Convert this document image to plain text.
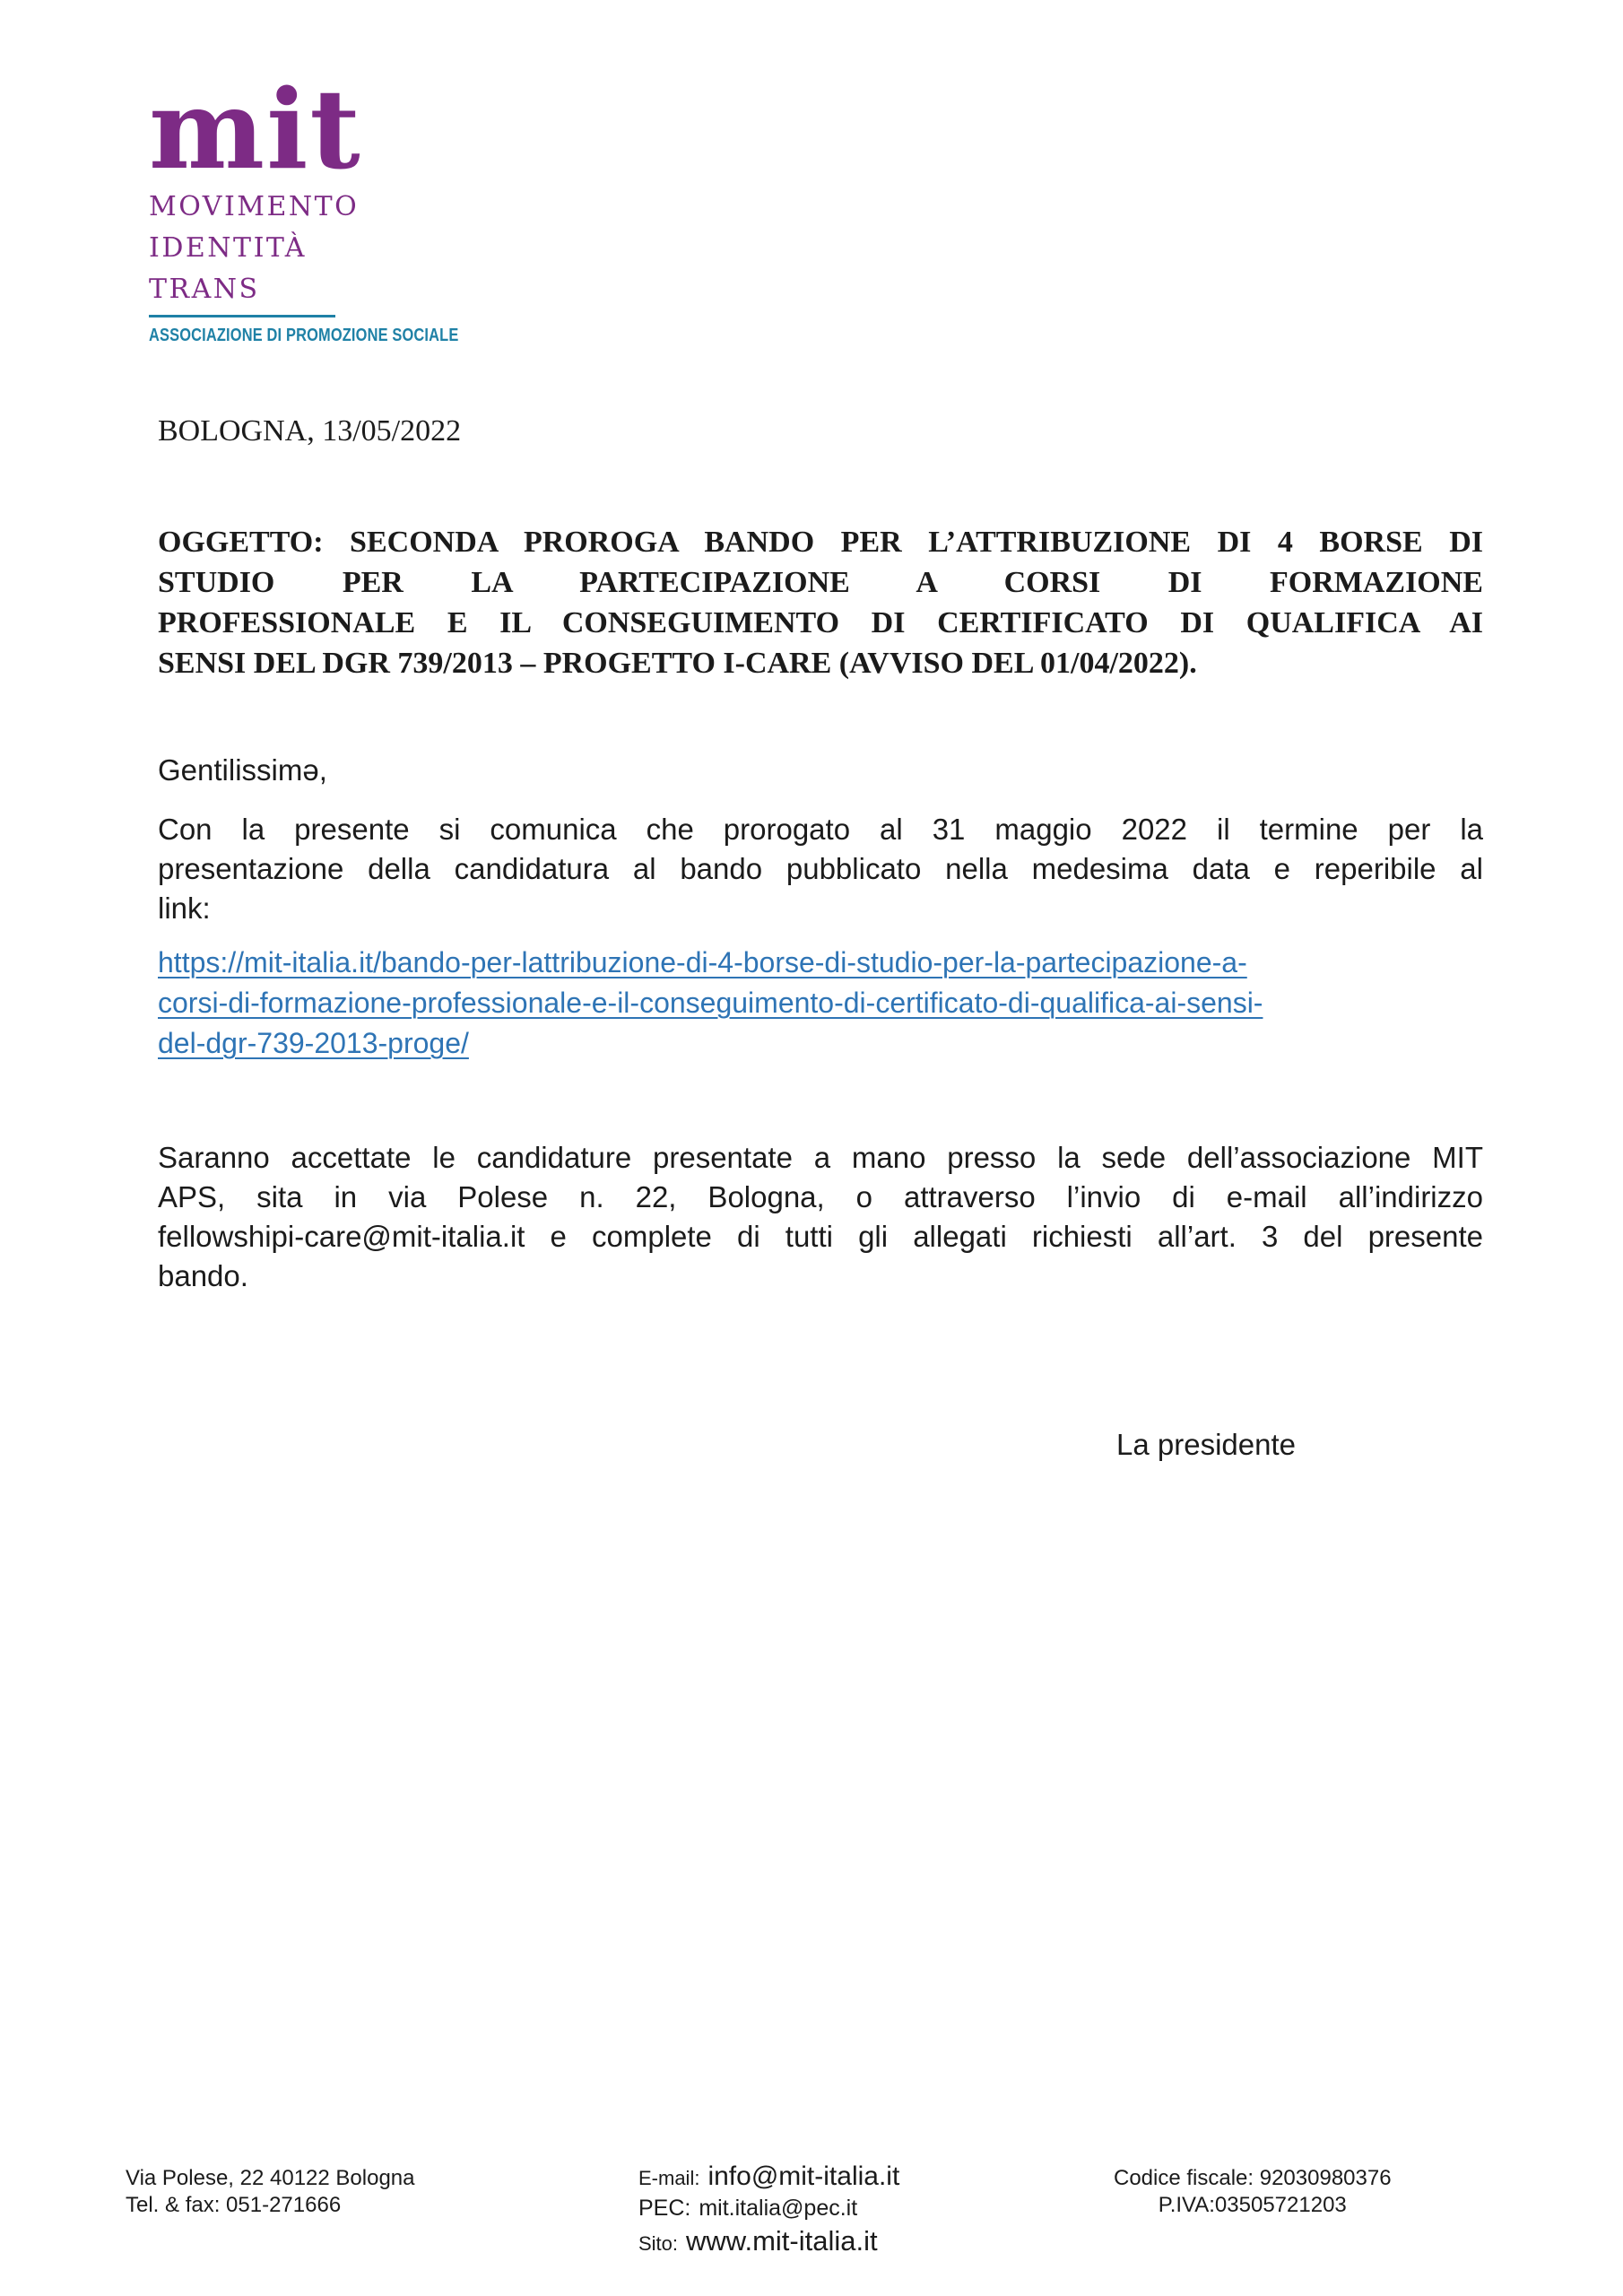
mit
MOVIMENTO
IDENTITÀ
TRANS
ASSOCIAZIONE DI PROMOZIONE SOCIALE
BOLOGNA, 13/05/2022
OGGETTO: SECONDA PROROGA BANDO PER L’ATTRIBUZIONE DI 4 BORSE DI
STUDIO PER LA PARTECIPAZIONE A CORSI DI FORMAZIONE
PROFESSIONALE E IL CONSEGUIMENTO DI CERTIFICATO DI QUALIFICA AI
SENSI DEL DGR 739/2013 – PROGETTO I-CARE (AVVISO DEL 01/04/2022).
Gentilissimə,
Con la presente si comunica che prorogato al 31 maggio 2022 il termine per la
presentazione della candidatura al bando pubblicato nella medesima data e reperibile al
link:
https://mit-italia.it/bando-per-lattribuzione-di-4-borse-di-studio-per-la-partecipazione-a-
corsi-di-formazione-professionale-e-il-conseguimento-di-certificato-di-qualifica-ai-sensi-
del-dgr-739-2013-proge/
Saranno accettate le candidature presentate a mano presso la sede dell’associazione MIT
APS, sita in via Polese n. 22, Bologna, o attraverso l’invio di e-mail all’indirizzo
fellowshipi-care@mit-italia.it e complete di tutti gli allegati richiesti all’art. 3 del presente
bando.
La presidente
Via Polese, 22 40122 Bologna
Tel. & fax: 051-271666
E-mail: info@mit-italia.it
PEC: mit.italia@pec.it
Sito: www.mit-italia.it
Codice fiscale: 92030980376
P.IVA:03505721203
